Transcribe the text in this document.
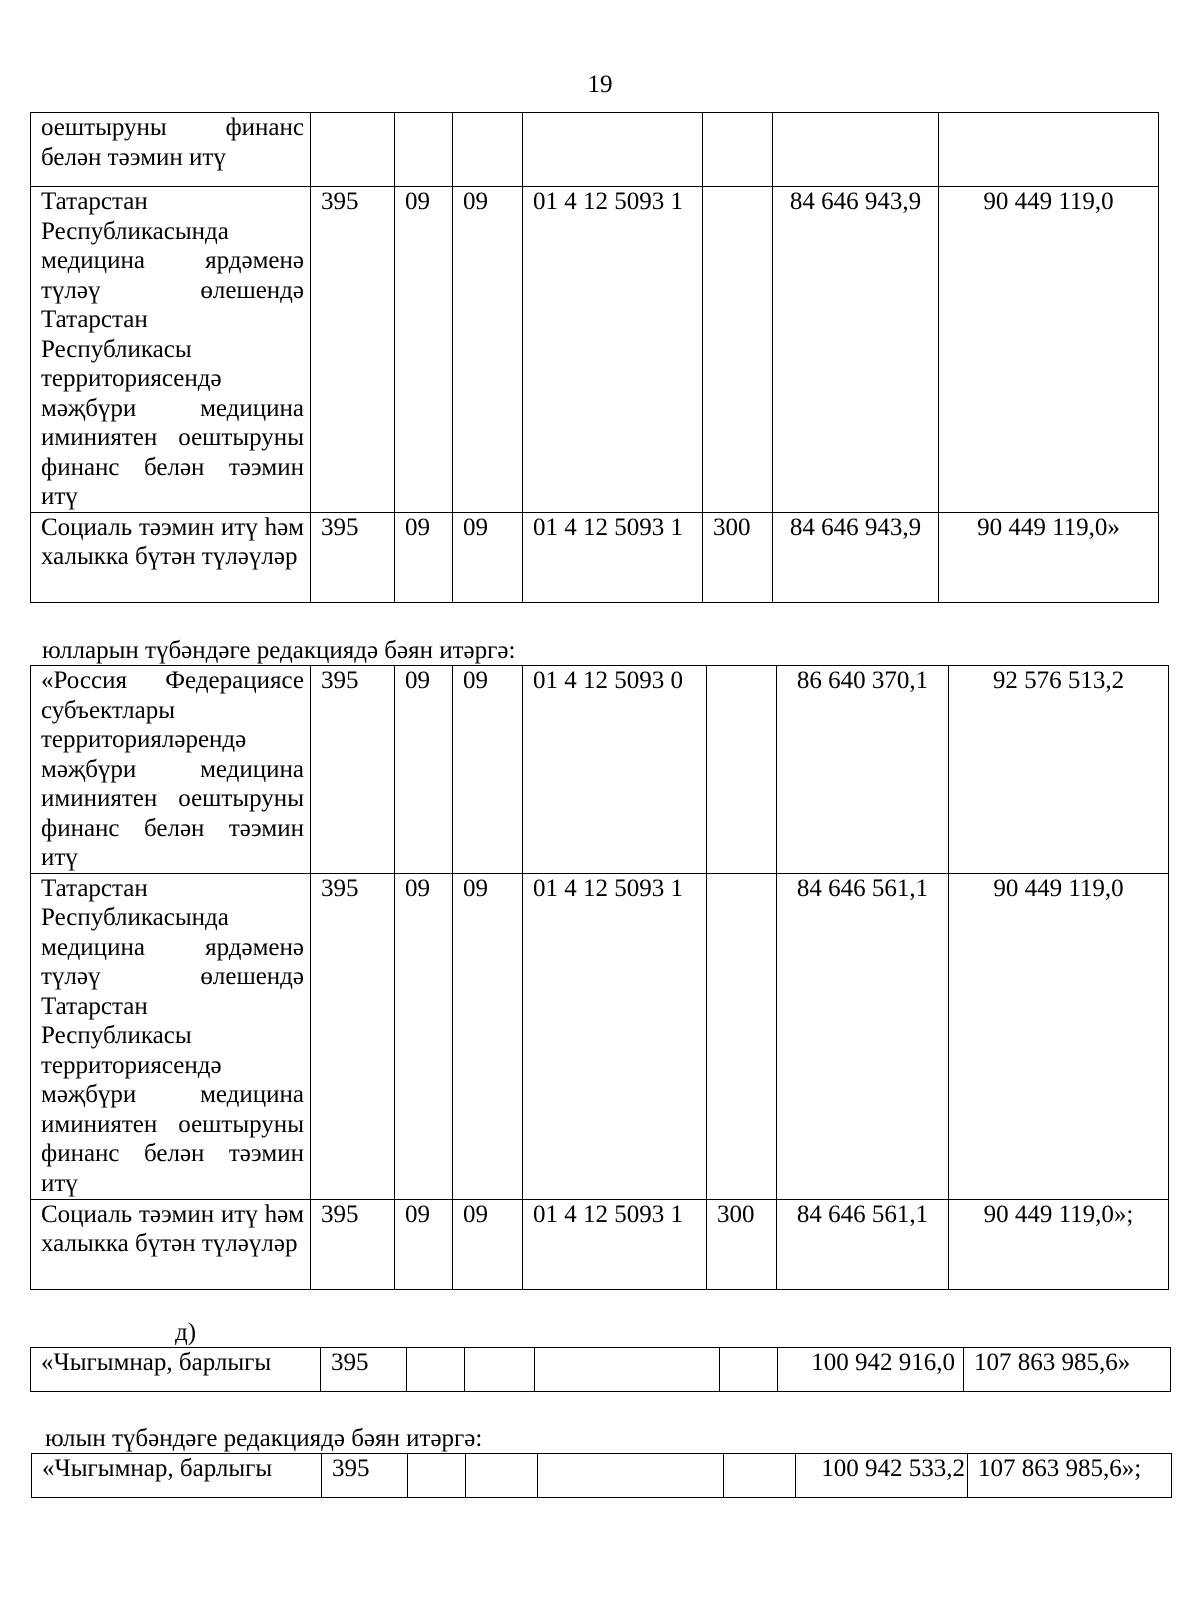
19
оештыруны финанс белән тәэмин итү							
Татарстан Республикасында медицина ярдәменә түләү өлешендә Татарстан Республикасы территориясендә мәҗбүри медицина иминиятен оештыруны финанс белән тәэмин итү	395	09	09	01 4 12 5093 1		84 646 943,9	90 449 119,0
Социаль тәэмин итү һәм халыкка бүтән түләүләр	395	09	09	01 4 12 5093 1	300	84 646 943,9	90 449 119,0»
юлларын түбәндәге редакциядә бәян итәргә:
«Россия Федерациясе субъектлары территорияләрендә мәҗбүри медицина иминиятен оештыруны финанс белән тәэмин итү	395	09	09	01 4 12 5093 0		86 640 370,1	92 576 513,2
Татарстан Республикасында медицина ярдәменә түләү өлешендә Татарстан Республикасы территориясендә мәҗбүри медицина иминиятен оештыруны финанс белән тәэмин итү	395	09	09	01 4 12 5093 1		84 646 561,1	90 449 119,0
Социаль тәэмин итү һәм халыкка бүтән түләүләр	395	09	09	01 4 12 5093 1	300	84 646 561,1	90 449 119,0»;
д)
«Чыгымнар, барлыгы	395					100 942 916,0	107 863 985,6»
юлын түбәндәге редакциядә бәян итәргә:
«Чыгымнар, барлыгы	395					100 942 533,2	107 863 985,6»;
